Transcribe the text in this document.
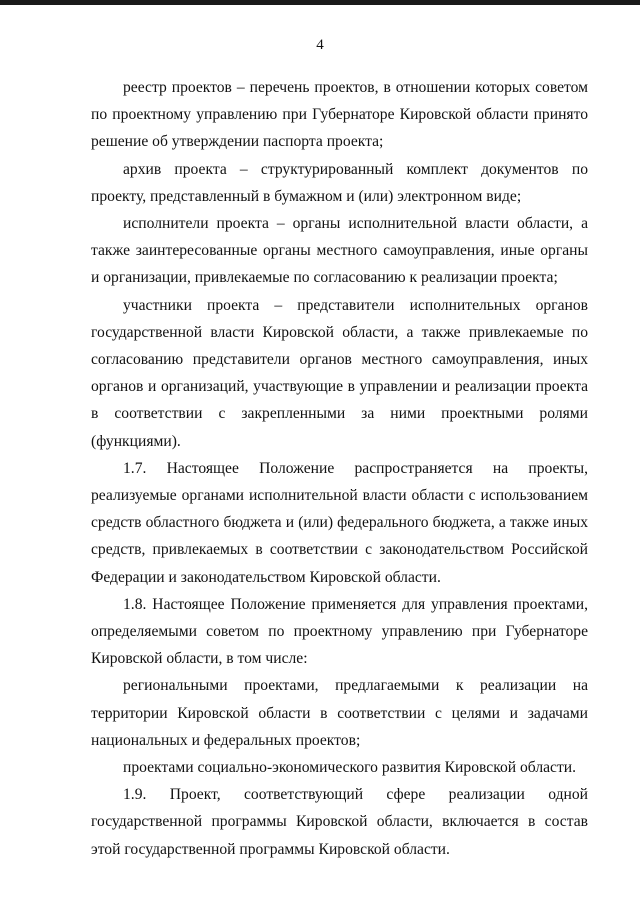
4

реестр проектов – перечень проектов, в отношении которых советом по проектному управлению при Губернаторе Кировской области принято решение об утверждении паспорта проекта;

архив проекта – структурированный комплект документов по проекту, представленный в бумажном и (или) электронном виде;

исполнители проекта – органы исполнительной власти области, а также заинтересованные органы местного самоуправления, иные органы и организации, привлекаемые по согласованию к реализации проекта;

участники проекта – представители исполнительных органов государственной власти Кировской области, а также привлекаемые по согласованию представители органов местного самоуправления, иных органов и организаций, участвующие в управлении и реализации проекта в соответствии с закрепленными за ними проектными ролями (функциями).

1.7. Настоящее Положение распространяется на проекты, реализуемые органами исполнительной власти области с использованием средств областного бюджета и (или) федерального бюджета, а также иных средств, привлекаемых в соответствии с законодательством Российской Федерации и законодательством Кировской области.

1.8. Настоящее Положение применяется для управления проектами, определяемыми советом по проектному управлению при Губернаторе Кировской области, в том числе:

региональными проектами, предлагаемыми к реализации на территории Кировской области в соответствии с целями и задачами национальных и федеральных проектов;

проектами социально-экономического развития Кировской области.

1.9. Проект, соответствующий сфере реализации одной государственной программы Кировской области, включается в состав этой государственной программы Кировской области.
